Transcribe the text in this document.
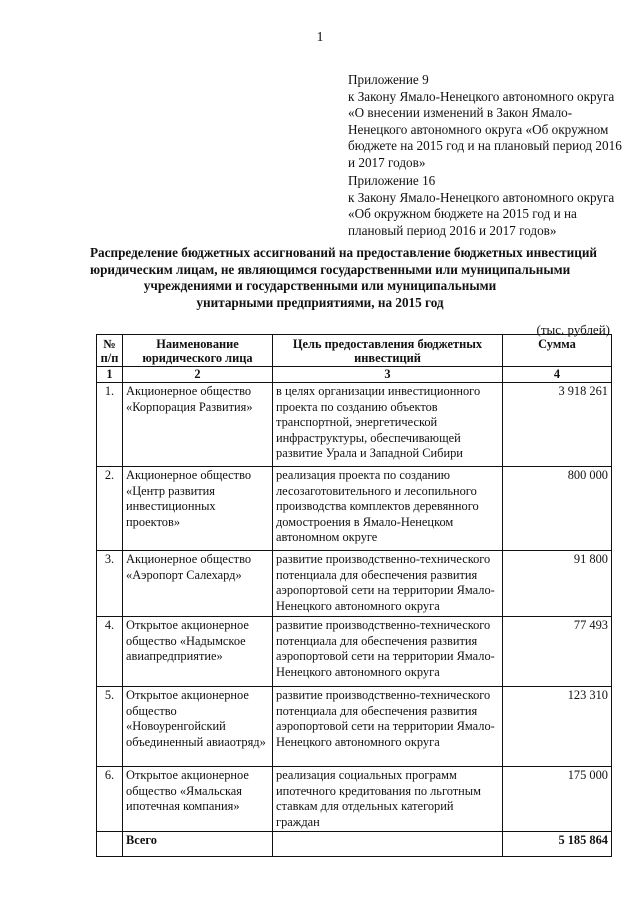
1
Приложение 9
к Закону Ямало-Ненецкого автономного округа
«О внесении изменений в Закон Ямало-
Ненецкого автономного округа «Об окружном
бюджете на 2015 год и на плановый период 2016
и 2017 годов»
Приложение 16
к Закону Ямало-Ненецкого автономного округа
«Об окружном бюджете на 2015 год и на
плановый период 2016 и 2017 годов»
Распределение бюджетных ассигнований на предоставление бюджетных инвестиций
юридическим лицам, не являющимся государственными или муниципальными
учреждениями и государственными или муниципальными
унитарными предприятиями, на 2015 год
(тыс. рублей)
№ п/п	Наименование юридического лица	Цель предоставления бюджетных инвестиций	Сумма
1	2	3	4
1.	Акционерное общество «Корпорация Развития»	в целях организации инвестиционного проекта по созданию объектов транспортной, энергетической инфраструктуры, обеспечивающей развитие Урала и Западной Сибири	3 918 261
2.	Акционерное общество «Центр развития инвестиционных проектов»	реализация проекта по созданию лесозаготовительного и лесопильного производства комплектов деревянного домостроения в Ямало-Ненецком автономном округе	800 000
3.	Акционерное общество «Аэропорт Салехард»	развитие производственно-технического потенциала для обеспечения развития аэропортовой сети на территории Ямало-Ненецкого автономного округа	91 800
4.	Открытое акционерное общество «Надымское авиапредприятие»	развитие производственно-технического потенциала для обеспечения развития аэропортовой сети на территории Ямало-Ненецкого автономного округа	77 493
5.	Открытое акционерное общество «Новоуренгойский объединенный авиаотряд»	развитие производственно-технического потенциала для обеспечения развития аэропортовой сети на территории Ямало-Ненецкого автономного округа	123 310
6.	Открытое акционерное общество «Ямальская ипотечная компания»	реализация социальных программ ипотечного кредитования по льготным ставкам для отдельных категорий граждан	175 000
	Всего		5 185 864
